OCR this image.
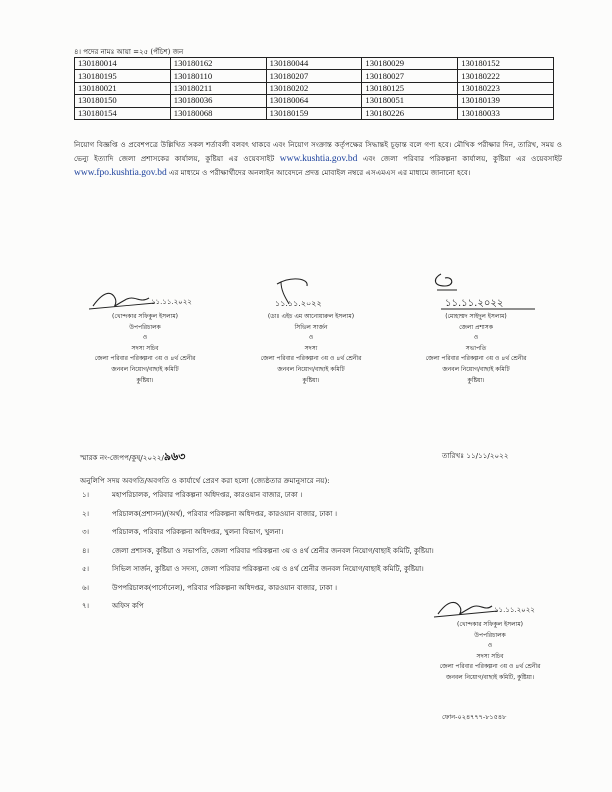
৪। পদের নামঃ আয়া =২৫ (পঁচিশ) জন
130180014	130180162	130180044	130180029	130180152
130180195	130180110	130180207	130180027	130180222
130180021	130180211	130180202	130180125	130180223
130180150	130180036	130180064	130180051	130180139
130180154	130180068	130180159	130180226	130180033
নিয়োগ বিজ্ঞপ্তি ও প্রবেশপত্রে উল্লিখিত সকল শর্তাবলী বলবৎ থাকবে এবং নিয়োগ সংক্রান্ত কর্তৃপক্ষের সিদ্ধান্তই চূড়ান্ত বলে গণ্য হবে। মৌখিক পরীক্ষার দিন, তারিখ, সময় ও ভেন্যু ইত্যাদি জেলা প্রশাসকের কার্যালয়, কুষ্টিয়া এর ওয়েবসাইট www.kushtia.gov.bd এবং জেলা পরিবার পরিকল্পনা কার্যালয়, কুষ্টিয়া এর ওয়েবসাইট www.fpo.kushtia.gov.bd এর মাধ্যমে ও পরীক্ষার্থীদের অনলাইন আবেদনে প্রদত্ত মোবাইল নম্বরে এসএমএস এর মাধ্যমে জানানো হবে।
১১.১১.২০২২
(খোন্দকার সফিকুল ইসলাম)
উপপরিচালক
ও
সদস্য সচিব
জেলা পরিবার পরিকল্পনা ৩য় ও ৪র্থ শ্রেনীর
জনবল নিয়োগ/বাছাই কমিটি
কুষ্টিয়া।
১১.১১.২০২২
(ডাঃ এইচ এম আনোয়ারুল ইসলাম)
সিভিল সার্জন
ও
সদস্য
জেলা পরিবার পরিকল্পনা ৩য় ও ৪র্থ শ্রেনীর
জনবল নিয়োগ/বাছাই কমিটি
কুষ্টিয়া।
১১.১১.২০২২
(মোহাম্মদ সাইদুল ইসলাম)
জেলা প্রশাসক
ও
সভাপতি
জেলা পরিবার পরিকল্পনা ৩য় ও ৪র্থ শ্রেনীর
জনবল নিয়োগ/বাছাই কমিটি
কুষ্টিয়া।
স্মারক নং-জেপপ/কুষ্/২০২২/৯৬৩	তারিখঃ ১১/১১/২০২২
অনুলিপি সদয় অবগতি/অবগতি ও কার্যার্থে প্রেরণ করা হলো (জ্যেষ্ঠতার ক্রমানুসারে নয়):
১।	মহাপরিচালক, পরিবার পরিকল্পনা অধিদপ্তর, কারওয়ান বাজার, ঢাকা ।
২।	পরিচালক(প্রশাসন)/(অর্থ), পরিবার পরিকল্পনা অধিদপ্তর, কারওয়ান বাজার, ঢাকা ।
৩।	পরিচালক, পরিবার পরিকল্পনা অধিদপ্তর, খুলনা বিভাগ, খুলনা।
৪।	জেলা প্রশাসক, কুষ্টিয়া ও সভাপতি, জেলা পরিবার পরিকল্পনা ৩য় ও ৪র্থ শ্রেনীর জনবল নিয়োগ/বাছাই কমিটি, কুষ্টিয়া।
৫।	সিভিল সার্জন, কুষ্টিয়া ও সদস্য, জেলা পরিবার পরিকল্পনা ৩য় ও ৪র্থ শ্রেনীর জনবল নিয়োগ/বাছাই কমিটি, কুষ্টিয়া।
৬।	উপপরিচালক(পার্সোনেল), পরিবার পরিকল্পনা অধিদপ্তর, কারওয়ান বাজার, ঢাকা ।
৭।	অফিস কপি	১১.১১.২০২২
(খোন্দকার সফিকুল ইসলাম)
উপপরিচালক
ও
সদস্য সচিব
জেলা পরিবার পরিকল্পনা ৩য় ও ৪র্থ শ্রেনীর
জনবল নিয়োগ/বাছাই কমিটি, কুষ্টিয়া।
ফোন-০২৪৭৭৭-৮১৫৪৮
